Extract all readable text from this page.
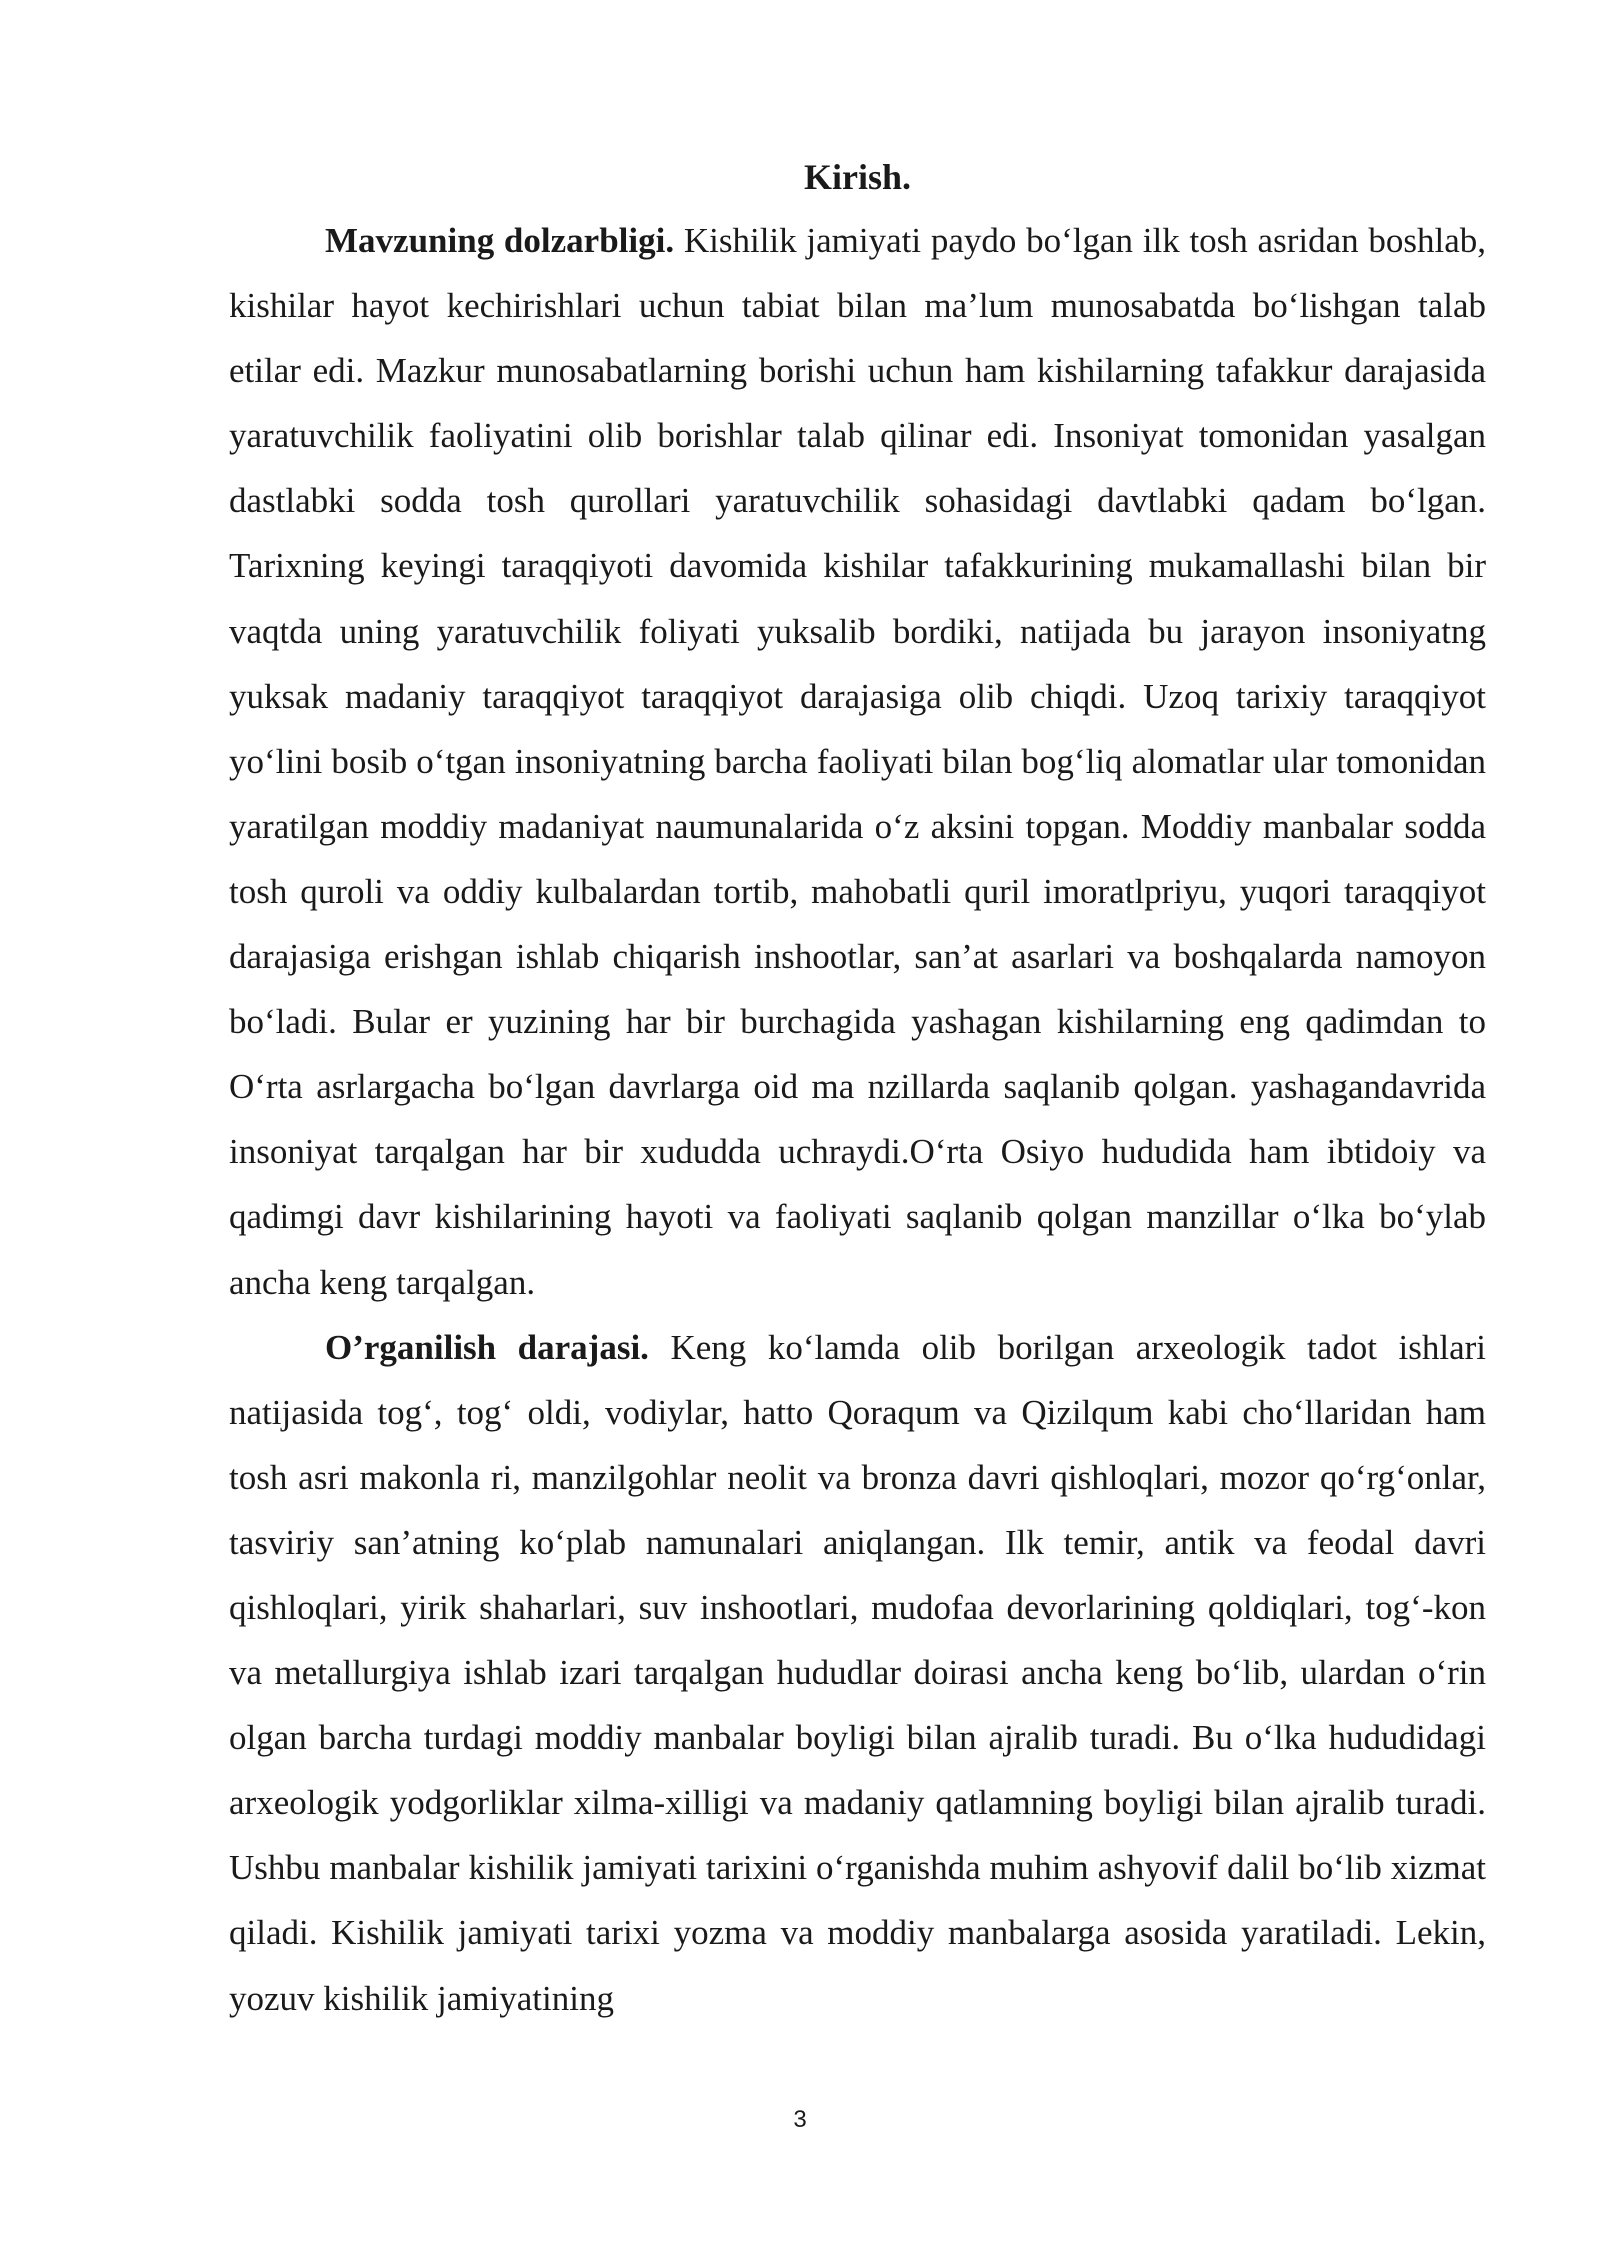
Kirish.

Mavzuning dolzarbligi. Kishilik jamiyati paydo bo‘lgan ilk tosh asridan boshlab, kishilar hayot kechirishlari uchun tabiat bilan ma’lum munosabatda bo‘lishgan talab etilar edi. Mazkur munosabatlarning borishi uchun ham kishilarning tafakkur darajasida yaratuvchilik faoliyatini olib borishlar talab qilinar edi. Insoniyat tomonidan yasalgan dastlabki sodda tosh qurollari yaratuvchilik sohasidagi davtlabki qadam bo‘lgan. Tarixning keyingi taraqqiyoti davomida kishilar tafakkurining mukamallashi bilan bir vaqtda uning yaratuvchilik foliyati yuksalib bordiki, natijada bu jarayon insoniyatng yuksak madaniy taraqqiyot taraqqiyot darajasiga olib chiqdi. Uzoq tarixiy taraqqiyot yo‘lini bosib o‘tgan insoniyatning barcha faoliyati bilan bog‘liq alomatlar ular tomonidan yaratilgan moddiy madaniyat naumunalarida o‘z aksini topgan. Moddiy manbalar sodda tosh quroli va oddiy kulbalardan tortib, mahobatli quril imoratlpriyu, yuqori taraqqiyot darajasiga erishgan ishlab chiqarish inshootlar, san’at asarlari va boshqalarda namoyon bo‘ladi. Bular er yuzining har bir burchagida yashagan kishilarning eng qadimdan to O‘rta asrlargacha bo‘lgan davrlarga oid ma nzillarda saqlanib qolgan. yashagandavrida insoniyat tarqalgan har bir xududda uchraydi.O‘rta Osiyo hududida ham ibtidoiy va qadimgi davr kishilarining hayoti va faoliyati saqlanib qolgan manzillar o‘lka bo‘ylab ancha keng tarqalgan.

O’rganilish darajasi. Keng ko‘lamda olib borilgan arxeologik tadot ishlari natijasida tog‘, tog‘ oldi, vodiylar, hatto Qoraqum va Qizilqum kabi cho‘llaridan ham tosh asri makonla ri, manzilgohlar neolit va bronza davri qishloqlari, mozor qo‘rg‘onlar, tasviriy san’atning ko‘plab namunalari aniqlangan. Ilk temir, antik va feodal davri qishloqlari, yirik shaharlari, suv inshootlari, mudofaa devorlarining qoldiqlari, tog‘-kon va metallurgiya ishlab izari tarqalgan hududlar doirasi ancha keng bo‘lib, ulardan o‘rin olgan barcha turdagi moddiy manbalar boyligi bilan ajralib turadi. Bu o‘lka hududidagi arxeologik yodgorliklar xilma-xilligi va madaniy qatlamning boyligi bilan ajralib turadi. Ushbu manbalar kishilik jamiyati tarixini o‘rganishda muhim ashyovif dalil bo‘lib xizmat qiladi. Kishilik jamiyati tarixi yozma va moddiy manbalarga asosida yaratiladi. Lekin, yozuv kishilik jamiyatining

3
